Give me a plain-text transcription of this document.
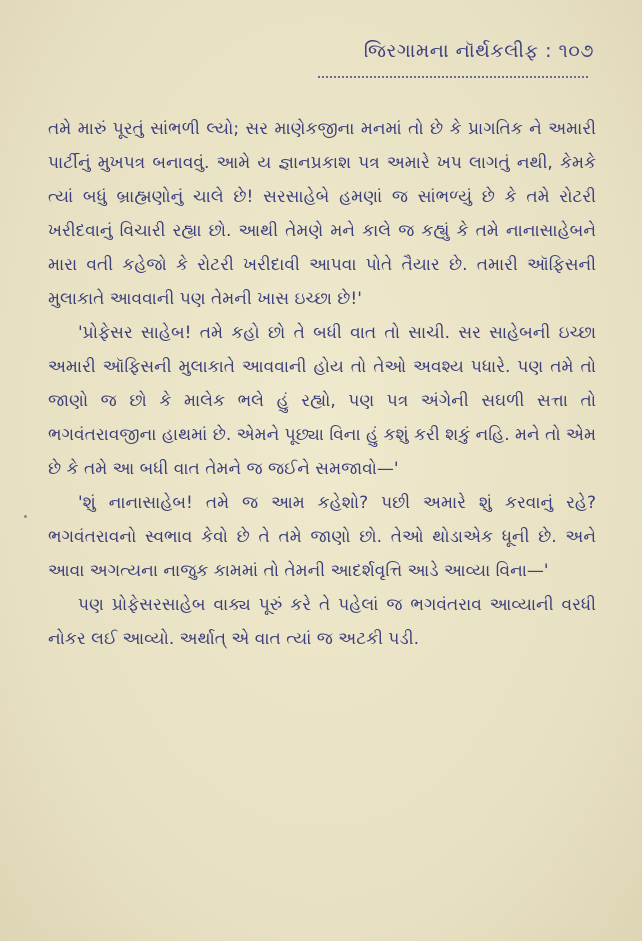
જિરગામના નૉર્થકલીફ : ૧૦૭

તમે મારું પૂરતું સાંભળી લ્યો; સર માણેકજીના મનમાં તો છે કે પ્રાગતિક ને અમારી પાર્ટીનું મુખપત્ર બનાવવું. આમે ય જ્ઞાનપ્રકાશ પત્ર અમારે ખપ લાગતું નથી, કેમકે ત્યાં બધું બ્રાહ્મણોનું ચાલે છે! સરસાહેબે હમણાં જ સાંભળ્યું છે કે તમે રોટરી ખરીદવાનું વિચારી રહ્યા છો. આથી તેમણે મને કાલે જ કહ્યું કે તમે નાનાસાહેબને મારા વતી કહેજો કે રોટરી ખરીદાવી આપવા પોતે તૈયાર છે. તમારી ઑફિસની મુલાકાતે આવવાની પણ તેમની ખાસ ઇચ્છા છે!'

'પ્રોફેસર સાહેબ! તમે કહો છો તે બધી વાત તો સાચી. સર સાહેબની ઇચ્છા અમારી ઑફિસની મુલાકાતે આવવાની હોય તો તેઓ અવશ્ય પધારે. પણ તમે તો જાણો જ છો કે માલેક ભલે હું રહ્યો, પણ પત્ર અંગેની સઘળી સત્તા તો ભગવંતરાવજીના હાથમાં છે. એમને પૂછ્યા વિના હું કશું કરી શકું નહિ. મને તો એમ છે કે તમે આ બધી વાત તેમને જ જઈને સમજાવો—'

'શું નાનાસાહેબ! તમે જ આમ કહેશો? પછી અમારે શું કરવાનું રહે? ભગવંતરાવનો સ્વભાવ કેવો છે તે તમે જાણો છો. તેઓ થોડાએક ધૂની છે. અને આવા અગત્યના નાજુક કામમાં તો તેમની આદર્શવૃત્તિ આડે આવ્યા વિના—'

પણ પ્રોફેસરસાહેબ વાક્ય પૂરું કરે તે પહેલાં જ ભગવંતરાવ આવ્યાની વરધી નોકર લઈ આવ્યો. અર્થાત્ એ વાત ત્યાં જ અટકી પડી.
